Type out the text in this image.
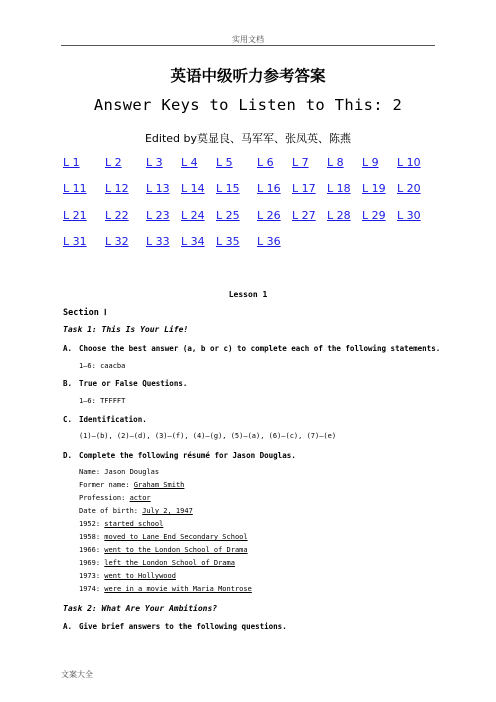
实用文档
英语中级听力参考答案
Answer Keys to Listen to This: 2
Edited by莫显良、马军军、张凤英、陈燕
L 1 L 2 L 3 L 4 L 5 L 6 L 7 L 8 L 9 L 10
L 11 L 12 L 13 L 14 L 15 L 16 L 17 L 18 L 19 L 20
L 21 L 22 L 23 L 24 L 25 L 26 L 27 L 28 L 29 L 30
L 31 L 32 L 33 L 34 L 35 L 36
Lesson 1
Section Ⅰ
Task 1: This Is Your Life!
A. Choose the best answer (a, b or c) to complete each of the following statements.
1—6: caacba
B. True or False Questions.
1—6: TFFFFT
C. Identification.
(1)—(b), (2)—(d), (3)—(f), (4)—(g), (5)—(a), (6)—(c), (7)—(e)
D. Complete the following résumé for Jason Douglas.
Name: Jason Douglas
Former name: Graham Smith
Profession: actor
Date of birth: July 2, 1947
1952: started school
1958: moved to Lane End Secondary School
1966: went to the London School of Drama
1969: left the London School of Drama
1973: went to Hollywood
1974: were in a movie with Maria Montrose
Task 2: What Are Your Ambitions?
A. Give brief answers to the following questions.
文案大全
